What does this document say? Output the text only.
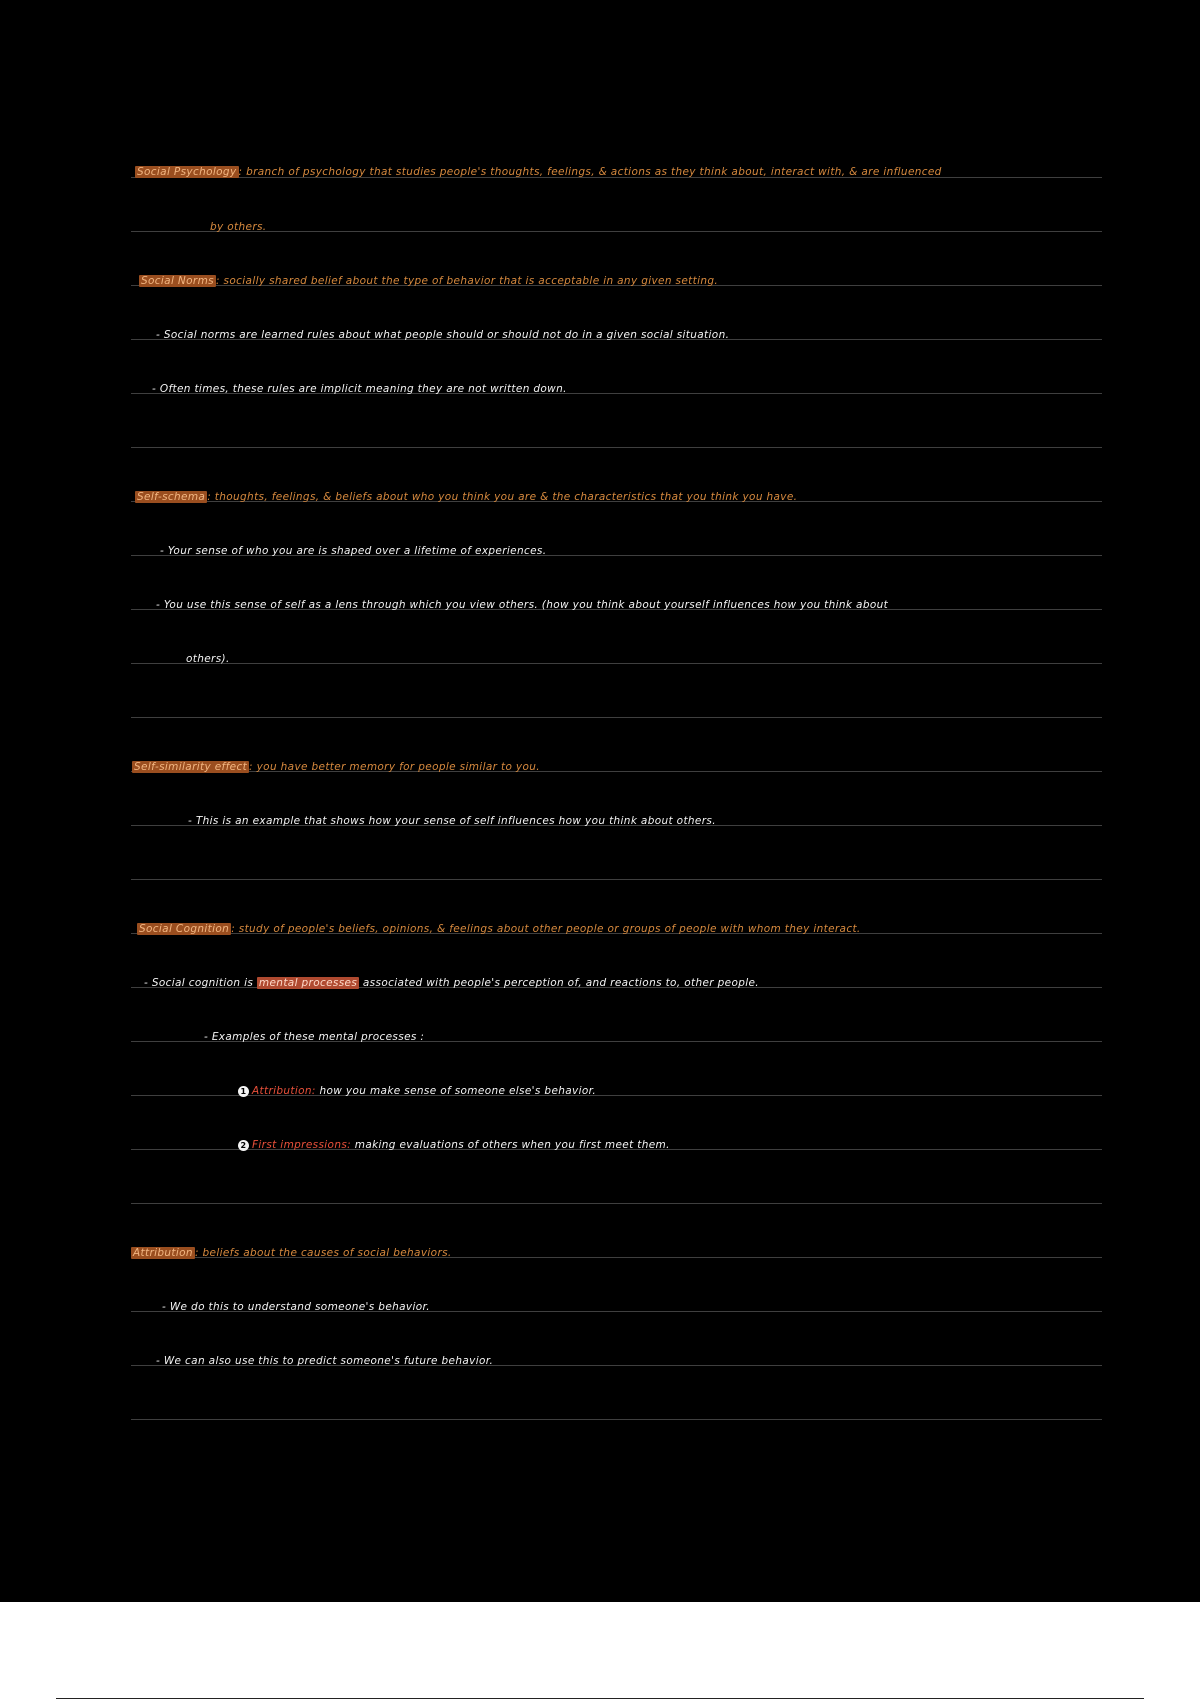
Social Psychology : branch of psychology that studies people's thoughts, feelings, & actions as they think about, interact with, & are influenced
by others.
Social Norms : socially shared belief about the type of behavior that is acceptable in any given setting.
- Social norms are learned rules about what people should or should not do in a given social situation.
- Often times, these rules are implicit meaning they are not written down.
Self-schema : thoughts, feelings, & beliefs about who you think you are & the characteristics that you think you have.
- Your sense of who you are is shaped over a lifetime of experiences.
- You use this sense of self as a lens through which you view others. (how you think about yourself influences how you think about
others).
Self-similarity effect : you have better memory for people similar to you.
- This is an example that shows how your sense of self influences how you think about others.
Social Cognition : study of people's beliefs, opinions, & feelings about other people or groups of people with whom they interact.
- Social cognition is mental processes associated with people's perception of, and reactions to, other people.
- Examples of these mental processes :
1 Attribution: how you make sense of someone else's behavior.
2 First impressions: making evaluations of others when you first meet them.
Attribution : beliefs about the causes of social behaviors.
- We do this to understand someone's behavior.
- We can also use this to predict someone's future behavior.
